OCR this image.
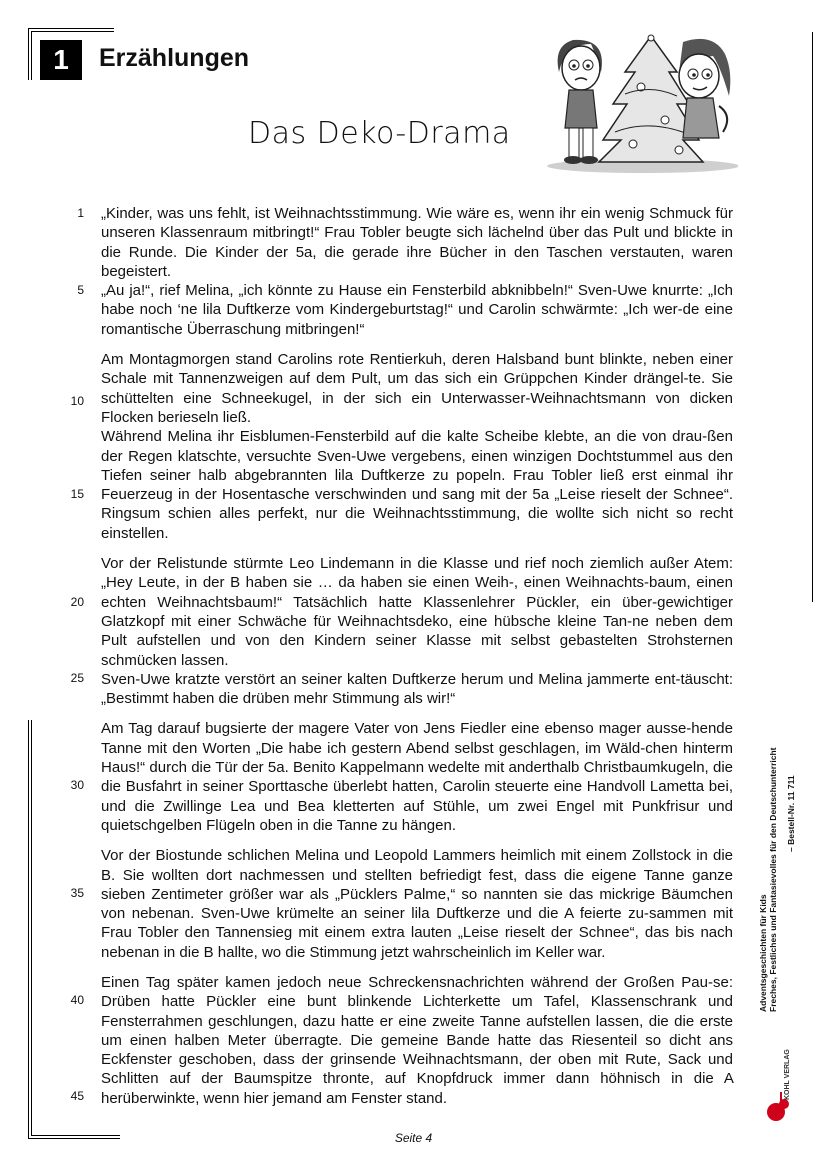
1 Erzählungen
Das Deko-Drama
1
5
10
15
20
25
30
35
40
45

„Kinder, was uns fehlt, ist Weihnachtsstimmung. Wie wäre es, wenn ihr ein wenig Schmuck für unseren Klassenraum mitbringt!“ Frau Tobler beugte sich lächelnd über das Pult und blickte in die Runde. Die Kinder der 5a, die gerade ihre Bücher in den Taschen verstauten, waren begeistert.
„Au ja!“, rief Melina, „ich könnte zu Hause ein Fensterbild abknibbeln!“ Sven-Uwe knurrte: „Ich habe noch ‘ne lila Duftkerze vom Kindergeburtstag!“ und Carolin schwärmte: „Ich wer-de eine romantische Überraschung mitbringen!“

Am Montagmorgen stand Carolins rote Rentierkuh, deren Halsband bunt blinkte, neben einer Schale mit Tannenzweigen auf dem Pult, um das sich ein Grüppchen Kinder drängel-te. Sie schüttelten eine Schneekugel, in der sich ein Unterwasser-Weihnachtsmann von dicken Flocken berieseln ließ.
Während Melina ihr Eisblumen-Fensterbild auf die kalte Scheibe klebte, an die von drau-ßen der Regen klatschte, versuchte Sven-Uwe vergebens, einen winzigen Dochtstummel aus den Tiefen seiner halb abgebrannten lila Duftkerze zu popeln. Frau Tobler ließ erst einmal ihr Feuerzeug in der Hosentasche verschwinden und sang mit der 5a „Leise rieselt der Schnee“. Ringsum schien alles perfekt, nur die Weihnachtsstimmung, die wollte sich nicht so recht einstellen.

Vor der Relistunde stürmte Leo Lindemann in die Klasse und rief noch ziemlich außer Atem: „Hey Leute, in der B haben sie … da haben sie einen Weih-, einen Weihnachts-baum, einen echten Weihnachtsbaum!“ Tatsächlich hatte Klassenlehrer Pückler, ein über-gewichtiger Glatzkopf mit einer Schwäche für Weihnachtsdeko, eine hübsche kleine Tan-ne neben dem Pult aufstellen und von den Kindern seiner Klasse mit selbst gebastelten Strohsternen schmücken lassen.
Sven-Uwe kratzte verstört an seiner kalten Duftkerze herum und Melina jammerte ent-täuscht: „Bestimmt haben die drüben mehr Stimmung als wir!“

Am Tag darauf bugsierte der magere Vater von Jens Fiedler eine ebenso mager ausse-hende Tanne mit den Worten „Die habe ich gestern Abend selbst geschlagen, im Wäld-chen hinterm Haus!“ durch die Tür der 5a. Benito Kappelmann wedelte mit anderthalb Christbaumkugeln, die die Busfahrt in seiner Sporttasche überlebt hatten, Carolin steuerte eine Handvoll Lametta bei, und die Zwillinge Lea und Bea kletterten auf Stühle, um zwei Engel mit Punkfrisur und quietschgelben Flügeln oben in die Tanne zu hängen.

Vor der Biostunde schlichen Melina und Leopold Lammers heimlich mit einem Zollstock in die B. Sie wollten dort nachmessen und stellten befriedigt fest, dass die eigene Tanne ganze sieben Zentimeter größer war als „Pücklers Palme,“ so nannten sie das mickrige Bäumchen von nebenan. Sven-Uwe krümelte an seiner lila Duftkerze und die A feierte zu-sammen mit Frau Tobler den Tannensieg mit einem extra lauten „Leise rieselt der Schnee“, das bis nach nebenan in die B hallte, wo die Stimmung jetzt wahrscheinlich im Keller war.

Einen Tag später kamen jedoch neue Schreckensnachrichten während der Großen Pau-se: Drüben hatte Pückler eine bunt blinkende Lichterkette um Tafel, Klassenschrank und Fensterrahmen geschlungen, dazu hatte er eine zweite Tanne aufstellen lassen, die die erste um einen halben Meter überragte. Die gemeine Bande hatte das Riesenteil so dicht ans Eckfenster geschoben, dass der grinsende Weihnachtsmann, der oben mit Rute, Sack und Schlitten auf der Baumspitze thronte, auf Knopfdruck immer dann höhnisch in die A herüberwinkte, wenn hier jemand am Fenster stand.

Adventsgeschichten für Kids Freches, Festliches und Fantasievolles für den Deutschunterricht – Bestell-Nr. 11 711
KOHL VERLAG
Seite 4
